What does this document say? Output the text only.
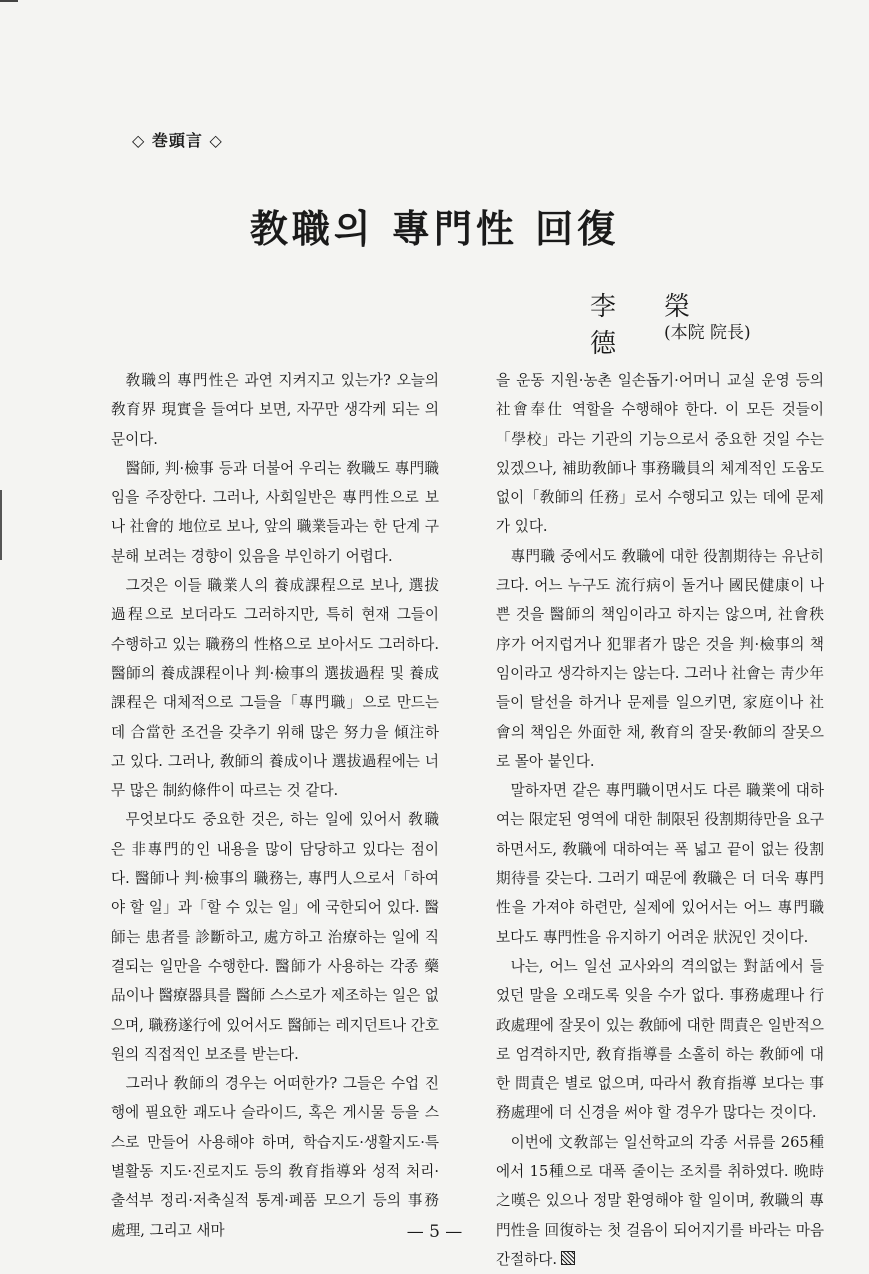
◇ 巻頭言 ◇
教職의 專門性 回復
李榮德 (本院 院長)

敎職의 專門性은 과연 지켜지고 있는가? 오늘의 敎育界 現實을 들여다 보면, 자꾸만 생각케 되는 의문이다.

醫師, 判·檢事 등과 더불어 우리는 敎職도 專門職임을 주장한다. 그러나, 사회일반은 專門性으로 보나 社會的 地位로 보나, 앞의 職業들과는 한 단계 구분해 보려는 경향이 있음을 부인하기 어렵다.

그것은 이들 職業人의 養成課程으로 보나, 選拔過程으로 보더라도 그러하지만, 특히 현재 그들이 수행하고 있는 職務의 性格으로 보아서도 그러하다. 醫師의 養成課程이나 判·檢事의 選拔過程 및 養成課程은 대체적으로 그들을「專門職」으로 만드는 데 合當한 조건을 갖추기 위해 많은 努力을 傾注하고 있다. 그러나, 敎師의 養成이나 選拔過程에는 너무 많은 制約條件이 따르는 것 같다.

무엇보다도 중요한 것은, 하는 일에 있어서 敎職은 非專門的인 내용을 많이 담당하고 있다는 점이다. 醫師나 判·檢事의 職務는, 專門人으로서「하여야 할 일」과「할 수 있는 일」에 국한되어 있다. 醫師는 患者를 診斷하고, 處方하고 治療하는 일에 직결되는 일만을 수행한다. 醫師가 사용하는 각종 藥品이나 醫療器具를 醫師 스스로가 제조하는 일은 없으며, 職務遂行에 있어서도 醫師는 레지던트나 간호원의 직접적인 보조를 받는다.

그러나 敎師의 경우는 어떠한가? 그들은 수업 진행에 필요한 괘도나 슬라이드, 혹은 게시물 등을 스스로 만들어 사용해야 하며, 학습지도·생활지도·특별활동 지도·진로지도 등의 敎育指導와 성적 처리·출석부 정리·저축실적 통계·폐품 모으기 등의 事務處理, 그리고 새마

을 운동 지원·농촌 일손돕기·어머니 교실 운영 등의 社會奉仕 역할을 수행해야 한다. 이 모든 것들이「學校」라는 기관의 기능으로서 중요한 것일 수는 있겠으나, 補助敎師나 事務職員의 체계적인 도움도 없이「敎師의 任務」로서 수행되고 있는 데에 문제가 있다.

專門職 중에서도 敎職에 대한 役割期待는 유난히 크다. 어느 누구도 流行病이 돌거나 國民健康이 나쁜 것을 醫師의 책임이라고 하지는 않으며, 社會秩序가 어지럽거나 犯罪者가 많은 것을 判·檢事의 책임이라고 생각하지는 않는다. 그러나 社會는 靑少年들이 탈선을 하거나 문제를 일으키면, 家庭이나 社會의 책임은 外面한 채, 敎育의 잘못·敎師의 잘못으로 몰아 붙인다.

말하자면 같은 專門職이면서도 다른 職業에 대하여는 限定된 영역에 대한 制限된 役割期待만을 요구하면서도, 敎職에 대하여는 폭 넓고 끝이 없는 役割期待를 갖는다. 그러기 때문에 敎職은 더 더욱 專門性을 가져야 하련만, 실제에 있어서는 어느 專門職보다도 專門性을 유지하기 어려운 狀況인 것이다.

나는, 어느 일선 교사와의 격의없는 對話에서 들었던 말을 오래도록 잊을 수가 없다. 事務處理나 行政處理에 잘못이 있는 敎師에 대한 問責은 일반적으로 엄격하지만, 敎育指導를 소홀히 하는 敎師에 대한 問責은 별로 없으며, 따라서 敎育指導 보다는 事務處理에 더 신경을 써야 할 경우가 많다는 것이다.

이번에 文敎部는 일선학교의 각종 서류를 265種에서 15種으로 대폭 줄이는 조치를 취하였다. 晩時之嘆은 있으나 정말 환영해야 할 일이며, 敎職의 專門性을 回復하는 첫 걸음이 되어지기를 바라는 마음 간절하다.

— 5 —
